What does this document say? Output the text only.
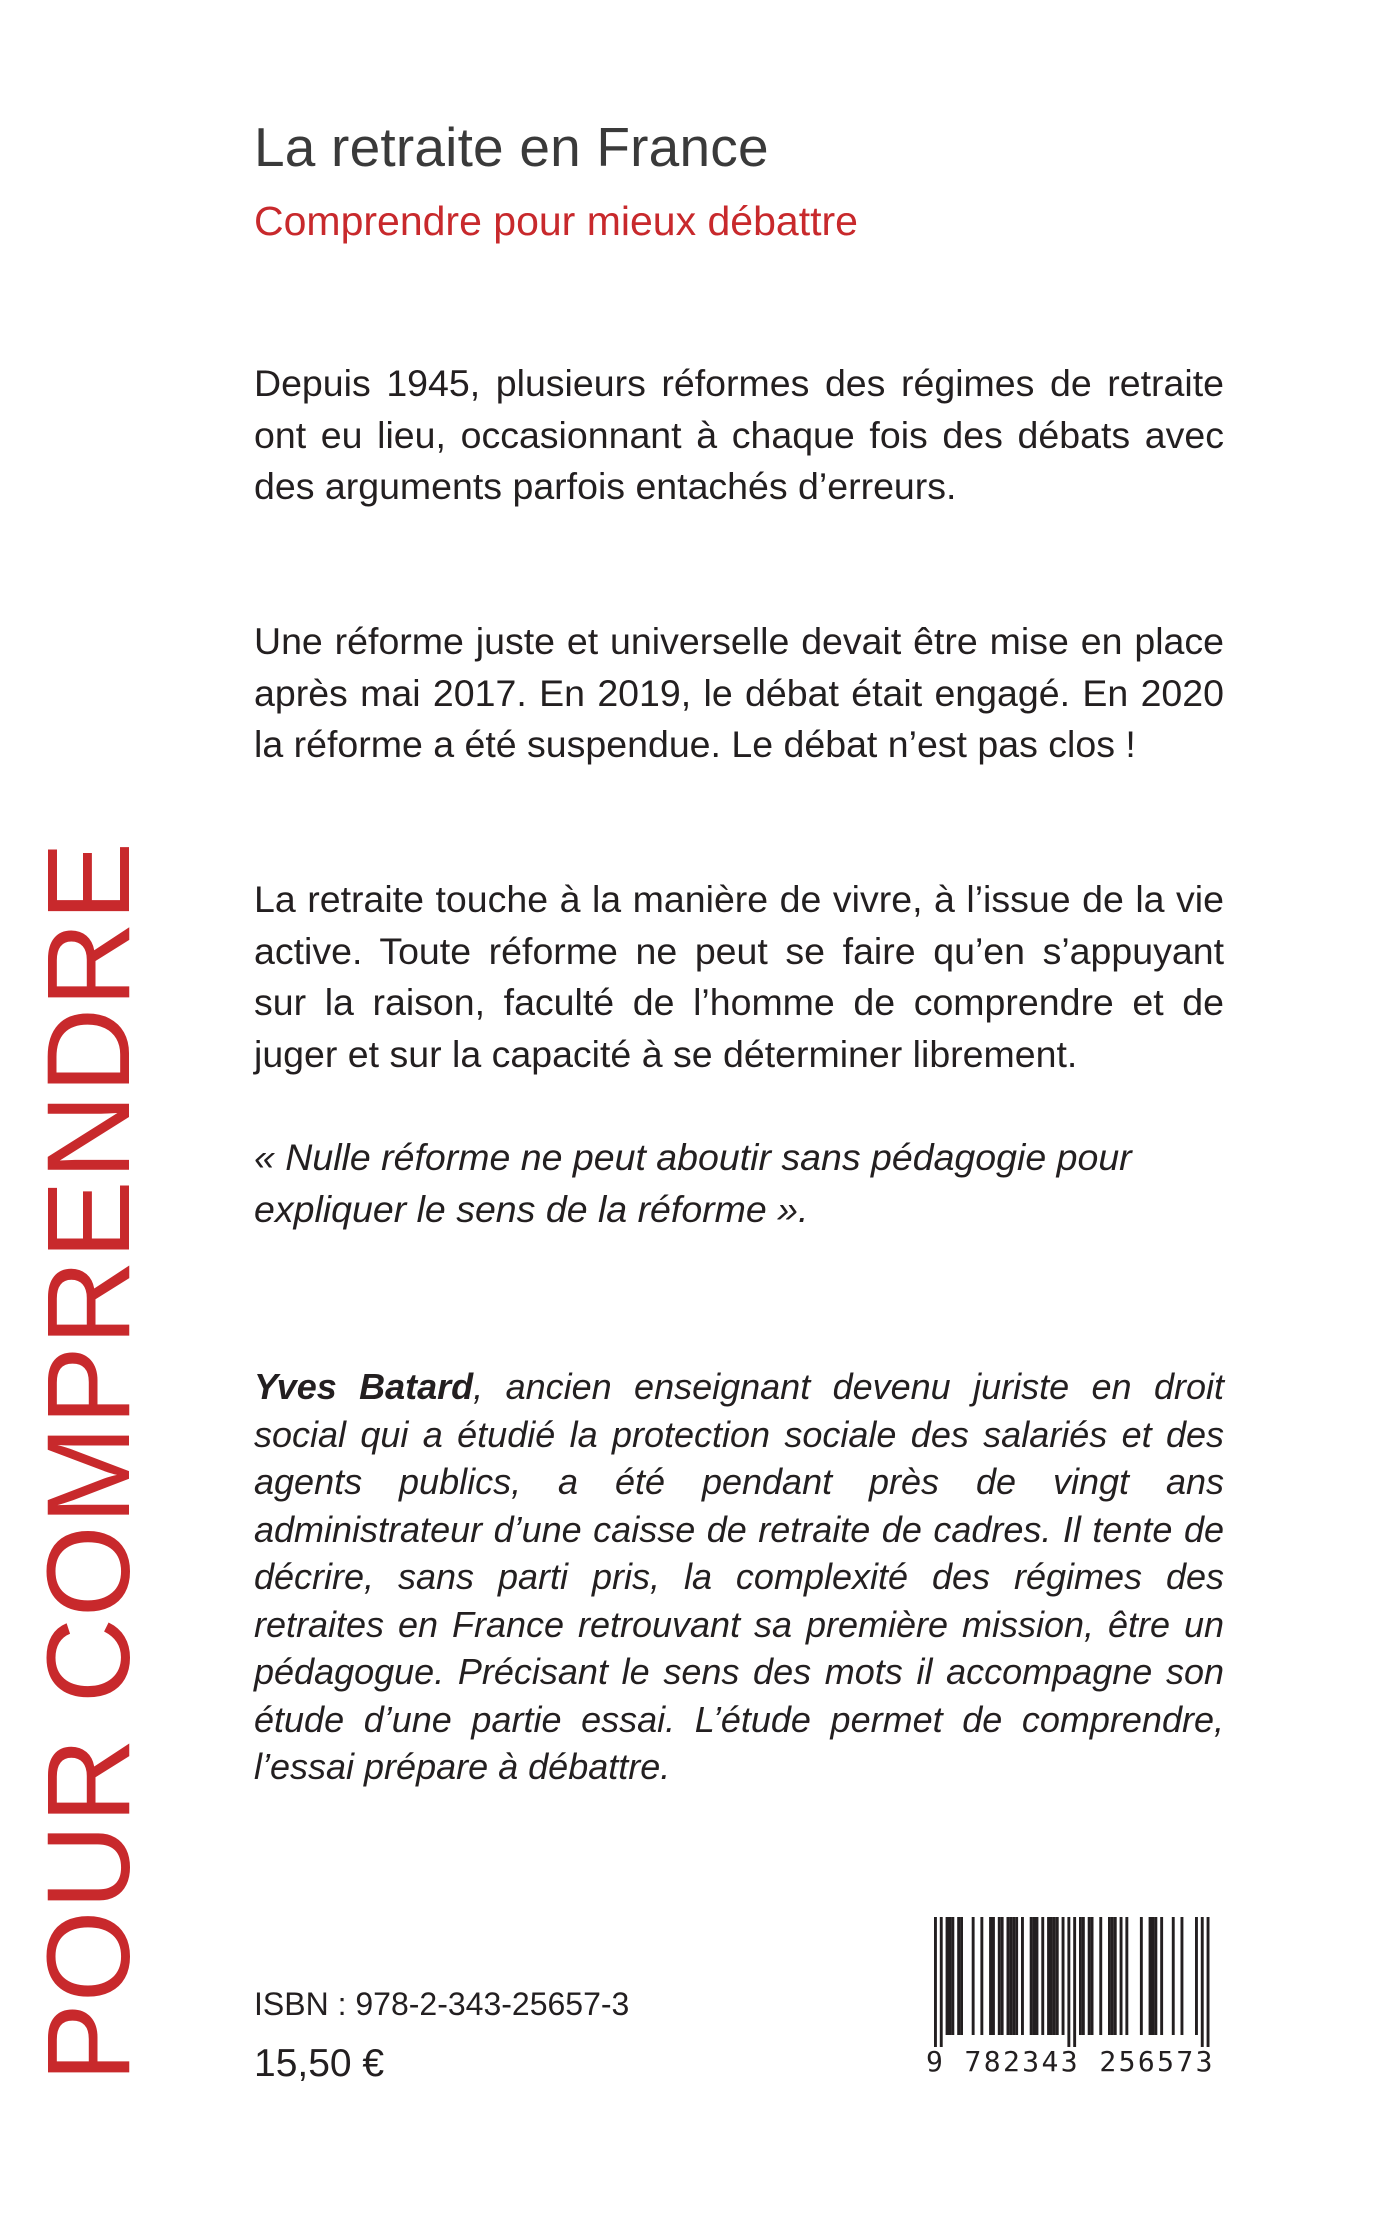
La retraite en France
Comprendre pour mieux débattre

Depuis 1945, plusieurs réformes des régimes de retraite ont eu lieu, occasionnant à chaque fois des débats avec des arguments parfois entachés d’erreurs.

Une réforme juste et universelle devait être mise en place après mai 2017. En 2019, le débat était engagé. En 2020 la réforme a été suspendue. Le débat n’est pas clos !

La retraite touche à la manière de vivre, à l’issue de la vie active. Toute réforme ne peut se faire qu’en s’appuyant sur la raison, faculté de l’homme de comprendre et de juger et sur la capacité à se déterminer librement.

« Nulle réforme ne peut aboutir sans pédagogie pour expliquer le sens de la réforme ».

Yves Batard, ancien enseignant devenu juriste en droit social qui a étudié la protection sociale des salariés et des agents publics, a été pendant près de vingt ans administrateur d’une caisse de retraite de cadres. Il tente de décrire, sans parti pris, la complexité des régimes des retraites en France retrouvant sa première mission, être un pédagogue. Précisant le sens des mots il accompagne son étude d’une partie essai. L’étude permet de comprendre, l’essai prépare à débattre.

POUR COMPRENDRE	ISBN : 978-2-343-25657-3
15,50 €	9 782343 256573
